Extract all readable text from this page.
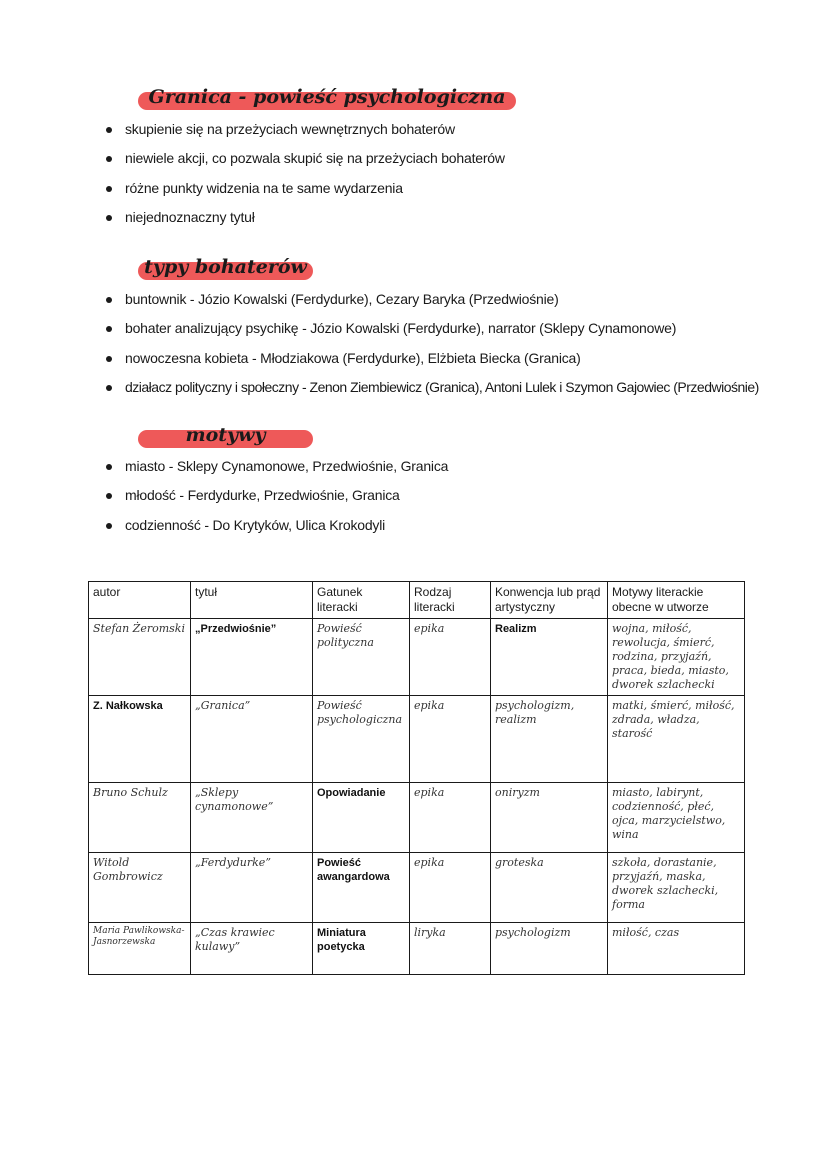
Granica - powieść psychologiczna
skupienie się na przeżyciach wewnętrznych bohaterów
niewiele akcji, co pozwala skupić się na przeżyciach bohaterów
różne punkty widzenia na te same wydarzenia
niejednoznaczny tytuł
typy bohaterów
buntownik - Józio Kowalski (Ferdydurke), Cezary Baryka (Przedwiośnie)
bohater analizujący psychikę - Józio Kowalski (Ferdydurke), narrator (Sklepy Cynamonowe)
nowoczesna kobieta - Młodziakowa (Ferdydurke), Elżbieta Biecka (Granica)
działacz polityczny i społeczny - Zenon Ziembiewicz (Granica), Antoni Lulek i Szymon Gajowiec (Przedwiośnie)
motywy
miasto - Sklepy Cynamonowe, Przedwiośnie, Granica
młodość - Ferdydurke, Przedwiośnie, Granica
codzienność - Do Krytyków, Ulica Krokodyli
autor	tytuł	Gatunek literacki	Rodzaj literacki	Konwencja lub prąd artystyczny	Motywy literackie obecne w utworze
Stefan Żeromski	„Przedwiośnie”	Powieść polityczna	epika	Realizm	wojna, miłość, rewolucja, śmierć, rodzina, przyjaźń, praca, bieda, miasto, dworek szlachecki
Z. Nałkowska	„Granica”	Powieść psychologiczna	epika	psychologizm, realizm	matki, śmierć, miłość, zdrada, władza, starość
Bruno Schulz	„Sklepy cynamonowe”	Opowiadanie	epika	oniryzm	miasto, labirynt, codzienność, płeć, ojca, marzycielstwo, wina
Witold Gombrowicz	„Ferdydurke”	Powieść awangardowa	epika	groteska	szkoła, dorastanie, przyjaźń, maska, dworek szlachecki, forma
Maria Pawlikowska-Jasnorzewska	„Czas krawiec kulawy”	Miniatura poetycka	liryka	psychologizm	miłość, czas
